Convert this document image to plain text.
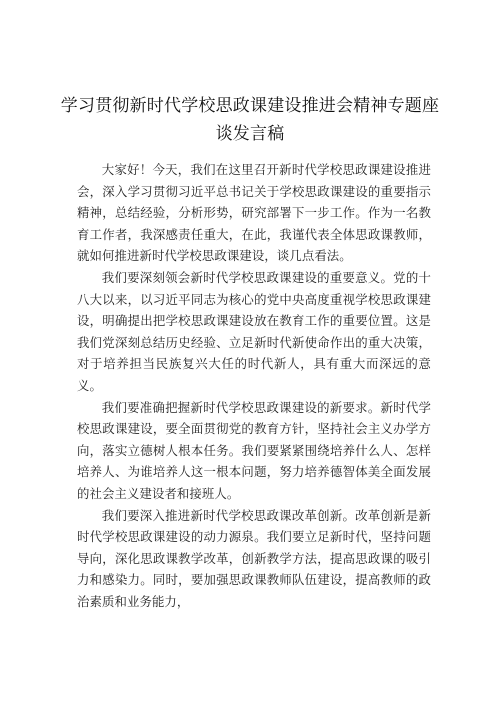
学习贯彻新时代学校思政课建设推进会精神专题座谈发言稿

大家好！今天，我们在这里召开新时代学校思政课建设推进会，深入学习贯彻习近平总书记关于学校思政课建设的重要指示精神，总结经验，分析形势，研究部署下一步工作。作为一名教育工作者，我深感责任重大，在此，我谨代表全体思政课教师，就如何推进新时代学校思政课建设，谈几点看法。

我们要深刻领会新时代学校思政课建设的重要意义。党的十八大以来，以习近平同志为核心的党中央高度重视学校思政课建设，明确提出把学校思政课建设放在教育工作的重要位置。这是我们党深刻总结历史经验、立足新时代新使命作出的重大决策，对于培养担当民族复兴大任的时代新人，具有重大而深远的意义。

我们要准确把握新时代学校思政课建设的新要求。新时代学校思政课建设，要全面贯彻党的教育方针，坚持社会主义办学方向，落实立德树人根本任务。我们要紧紧围绕培养什么人、怎样培养人、为谁培养人这一根本问题，努力培养德智体美全面发展的社会主义建设者和接班人。

我们要深入推进新时代学校思政课改革创新。改革创新是新时代学校思政课建设的动力源泉。我们要立足新时代，坚持问题导向，深化思政课教学改革，创新教学方法，提高思政课的吸引力和感染力。同时，要加强思政课教师队伍建设，提高教师的政治素质和业务能力，
